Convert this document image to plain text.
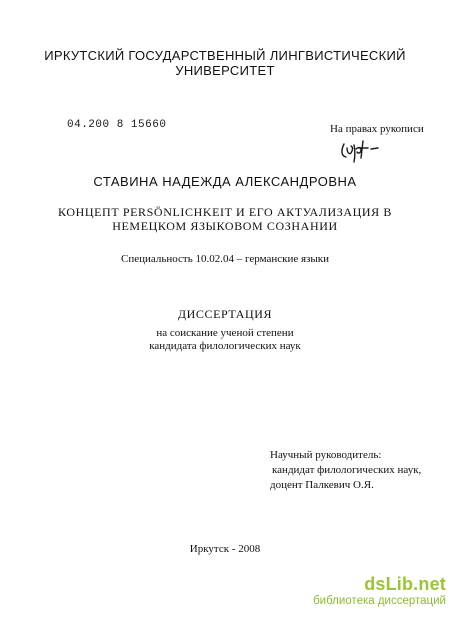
ИРКУТСКИЙ ГОСУДАРСТВЕННЫЙ ЛИНГВИСТИЧЕСКИЙ
УНИВЕРСИТЕТ
04.200 8 15660	На правах рукописи
СТАВИНА НАДЕЖДА АЛЕКСАНДРОВНА
КОНЦЕПТ PERSÖNLICHKEIT И ЕГО АКТУАЛИЗАЦИЯ В
НЕМЕЦКОМ ЯЗЫКОВОМ СОЗНАНИИ
Специальность 10.02.04 – германские языки
ДИССЕРТАЦИЯ
на соискание ученой степени
кандидата филологических наук
Научный руководитель:
кандидат филологических наук,
доцент Палкевич О.Я.
Иркутск - 2008
dsLib.net
библиотека диссертаций
